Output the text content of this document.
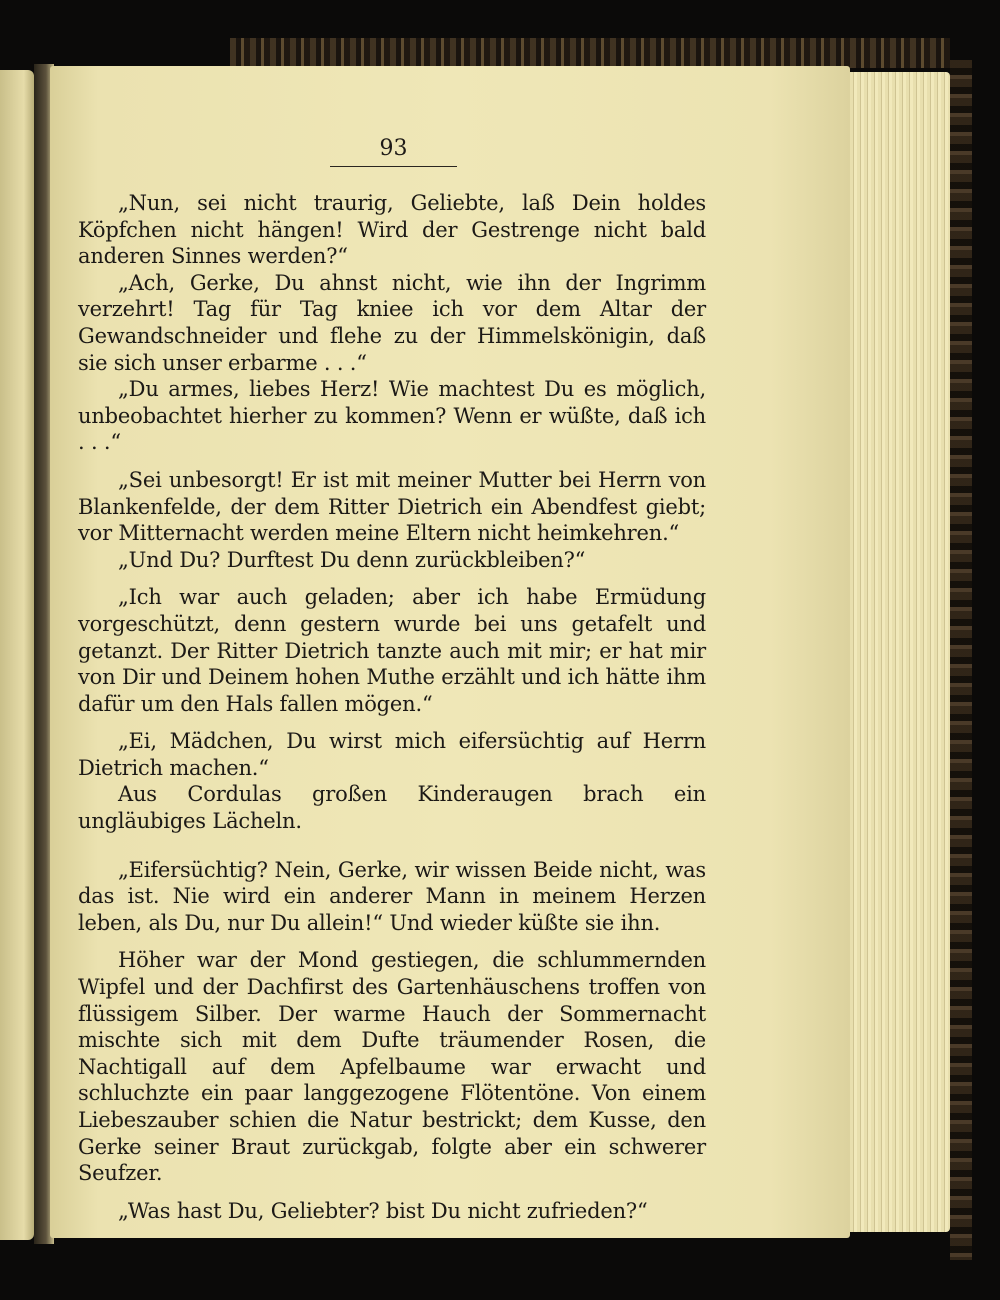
93

„Nun, sei nicht traurig, Geliebte, laß Dein holdes Köpfchen nicht hängen! Wird der Gestrenge nicht bald anderen Sinnes werden?“

„Ach, Gerke, Du ahnst nicht, wie ihn der Ingrimm verzehrt! Tag für Tag kniee ich vor dem Altar der Gewandschneider und flehe zu der Himmelskönigin, daß sie sich unser erbarme . . .“

„Du armes, liebes Herz! Wie machtest Du es möglich, unbeobachtet hierher zu kommen? Wenn er wüßte, daß ich . . .“

„Sei unbesorgt! Er ist mit meiner Mutter bei Herrn von Blankenfelde, der dem Ritter Dietrich ein Abendfest giebt; vor Mitternacht werden meine Eltern nicht heimkehren.“

„Und Du? Durftest Du denn zurückbleiben?“

„Ich war auch geladen; aber ich habe Ermüdung vorgeschützt, denn gestern wurde bei uns getafelt und getanzt. Der Ritter Dietrich tanzte auch mit mir; er hat mir von Dir und Deinem hohen Muthe erzählt und ich hätte ihm dafür um den Hals fallen mögen.“

„Ei, Mädchen, Du wirst mich eifersüchtig auf Herrn Dietrich machen.“

Aus Cordulas großen Kinderaugen brach ein ungläubiges Lächeln.

„Eifersüchtig? Nein, Gerke, wir wissen Beide nicht, was das ist. Nie wird ein anderer Mann in meinem Herzen leben, als Du, nur Du allein!“ Und wieder küßte sie ihn.

Höher war der Mond gestiegen, die schlummernden Wipfel und der Dachfirst des Gartenhäuschens troffen von flüssigem Silber. Der warme Hauch der Sommernacht mischte sich mit dem Dufte träumender Rosen, die Nachtigall auf dem Apfelbaume war erwacht und schluchzte ein paar langgezogene Flötentöne. Von einem Liebeszauber schien die Natur bestrickt; dem Kusse, den Gerke seiner Braut zurückgab, folgte aber ein schwerer Seufzer.

„Was hast Du, Geliebter? bist Du nicht zufrieden?“
